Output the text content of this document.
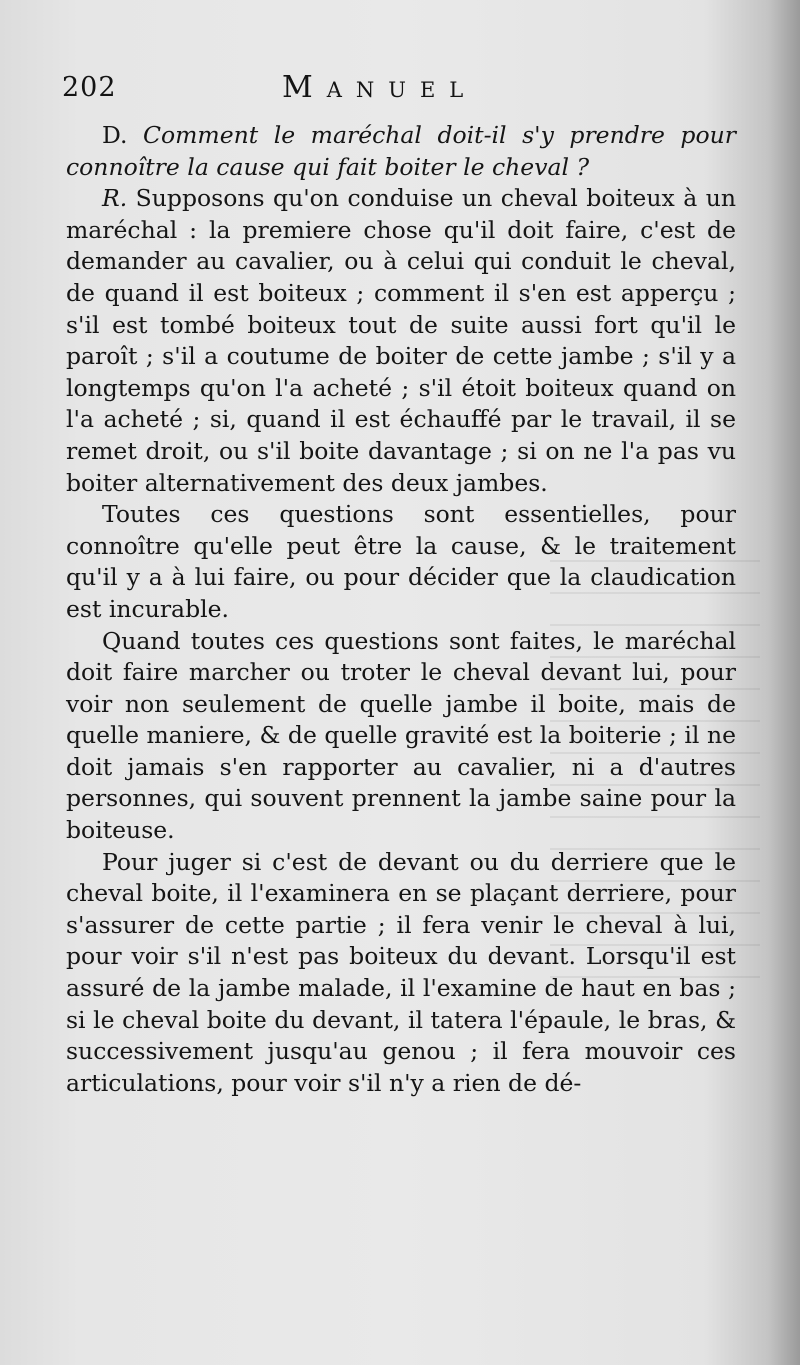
202	Manuel

D. Comment le maréchal doit-il s'y prendre pour connoître la cause qui fait boiter le cheval ?

R. Supposons qu'on conduise un cheval boiteux à un maréchal : la premiere chose qu'il doit faire, c'est de demander au cavalier, ou à celui qui conduit le cheval, de quand il est boiteux ; comment il s'en est apperçu ; s'il est tombé boiteux tout de suite aussi fort qu'il le paroît ; s'il a coutume de boiter de cette jambe ; s'il y a longtemps qu'on l'a acheté ; s'il étoit boiteux quand on l'a acheté ; si, quand il est échauffé par le travail, il se remet droit, ou s'il boite davantage ; si on ne l'a pas vu boiter alternativement des deux jambes.

Toutes ces questions sont essentielles, pour connoître qu'elle peut être la cause, & le traitement qu'il y a à lui faire, ou pour décider que la claudication est incurable.

Quand toutes ces questions sont faites, le maréchal doit faire marcher ou troter le cheval devant lui, pour voir non seulement de quelle jambe il boite, mais de quelle maniere, & de quelle gravité est la boiterie ; il ne doit jamais s'en rapporter au cavalier, ni a d'autres personnes, qui souvent prennent la jambe saine pour la boiteuse.

Pour juger si c'est de devant ou du derriere que le cheval boite, il l'examinera en se plaçant derriere, pour s'assurer de cette partie ; il fera venir le cheval à lui, pour voir s'il n'est pas boiteux du devant. Lorsqu'il est assuré de la jambe malade, il l'examine de haut en bas ; si le cheval boite du devant, il tatera l'épaule, le bras, & successivement jusqu'au genou ; il fera mouvoir ces articulations, pour voir s'il n'y a rien de dé-
